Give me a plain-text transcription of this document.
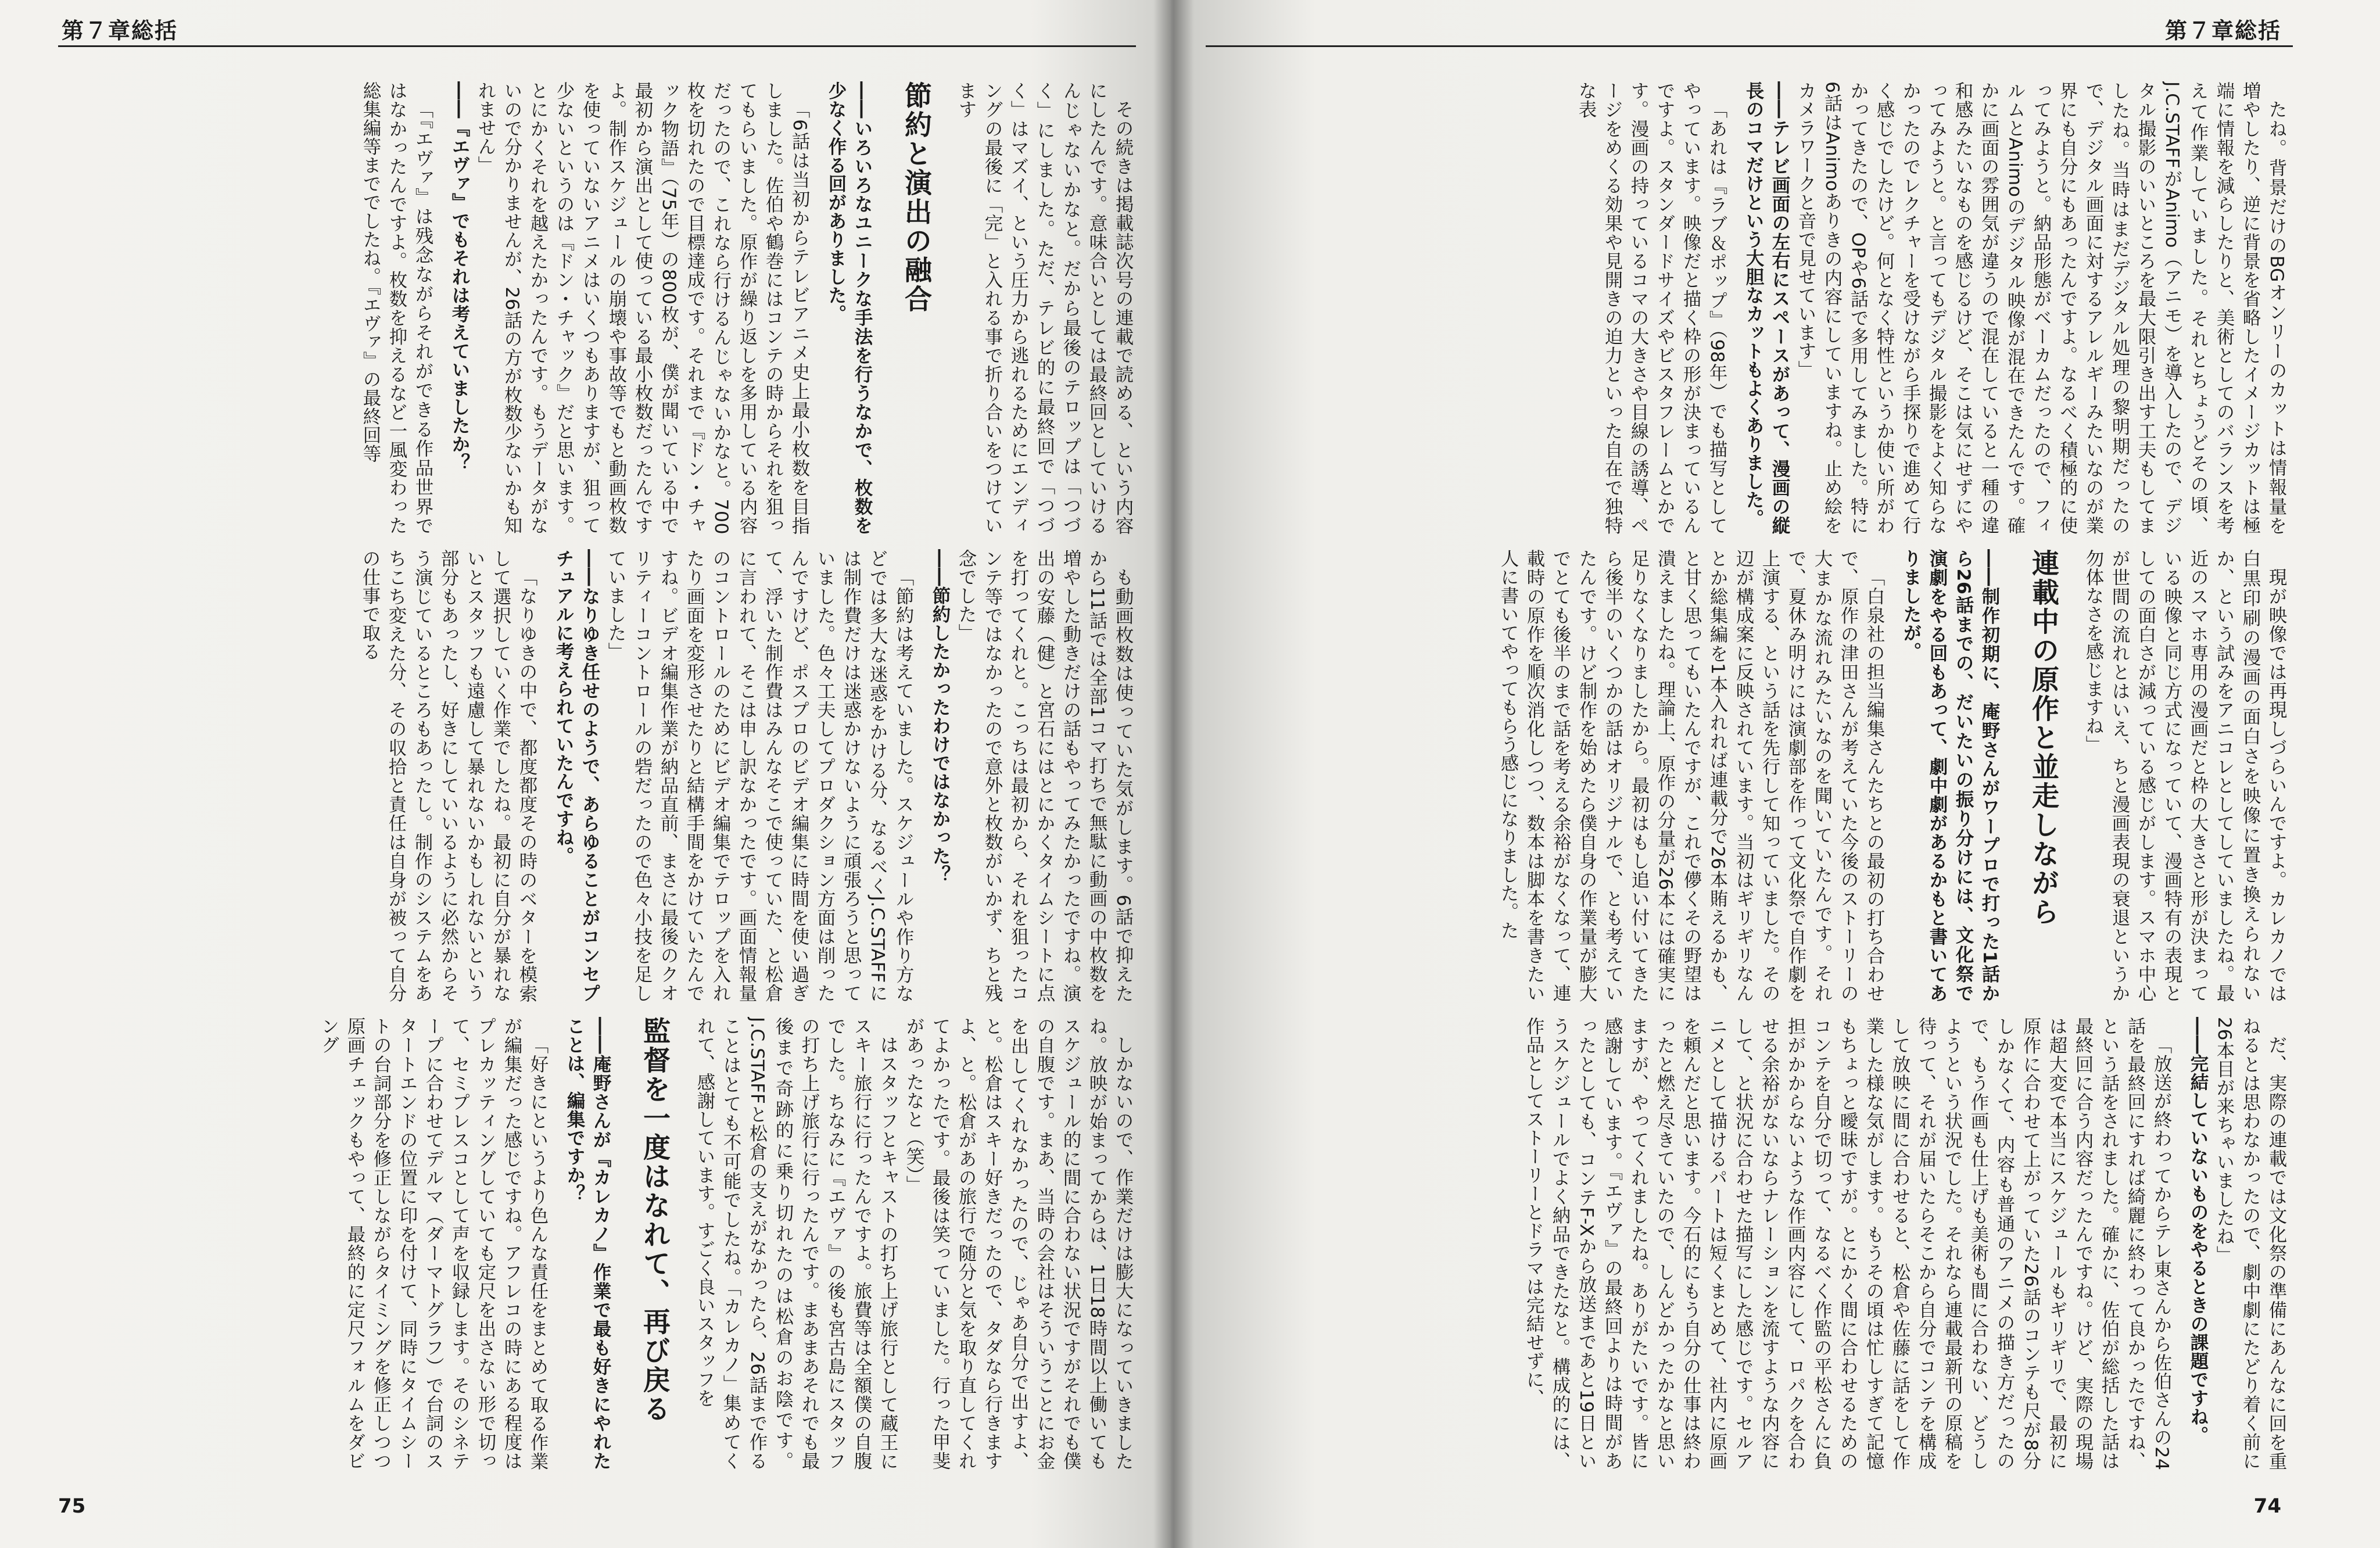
第７章総括
その続きは掲載誌次号の連載で読める、という内容にしたんです。意味合いとしては最終回としていけるんじゃないかなと。だから最後のテロップは「つづく」にしました。ただ、テレビ的に最終回で「つづく」はマズイ、という圧力から逃れるためにエンディングの最後に「完」と入れる事で折り合いをつけています
節約と演出の融合
―― いろいろなユニークな手法を行うなかで、枚数を少なく作る回がありました。
「6話は当初からテレビアニメ史上最小枚数を目指しました。佐伯や鶴巻にはコンテの時からそれを狙ってもらいました。原作が繰り返しを多用している内容だったので、これなら行けるんじゃないかなと。700枚を切れたので目標達成です。それまで『ドン・チャック物語』（75年）の800枚が、僕が聞いている中で最初から演出として使っている最小枚数だったんですよ。制作スケジュールの崩壊や事故等でもと動画枚数を使っていないアニメはいくつもありますが、狙って少ないというのは『ドン・チャック』だと思います。とにかくそれを越えたかったんです。もうデータがないので分かりませんが、26話の方が枚数少ないかも知れません」
―― 『エヴァ』でもそれは考えていましたか？
「『エヴァ』は残念ながらそれができる作品世界ではなかったんですよ。枚数を抑えるなど一風変わった総集編等まででしたね。『エヴァ』の最終回等
も動画枚数は使っていた気がします。6話で抑えたから11話では全部1コマ打ちで無駄に動画の中枚数を増やした動きだけの話もやってみたかったですね。演出の安藤（健）と宮石にはとにかくタイムシートに点を打ってくれと。こっちは最初から、それを狙ったコンテ等ではなかったので意外と枚数がいかず、ちと残念でした」
―― 節約したかったわけではなかった？
「節約は考えていました。スケジュールや作り方などでは多大な迷惑をかける分、なるべくJ.C.STAFFには制作費だけは迷惑かけないように頑張ろうと思っていました。色々工夫してプロダクション方面は削ったんですけど、ポスプロのビデオ編集に時間を使い過ぎて、浮いた制作費はみんなそこで使っていた、と松倉に言われて、そこは申し訳なかったです。画面情報量のコントロールのためにビデオ編集でテロップを入れたり画面を変形させたりと結構手間をかけていたんですね。ビデオ編集作業が納品直前、まさに最後のクオリティーコントロールの砦だったので色々小技を足していました」
―― なりゆき任せのようで、あらゆることがコンセプチュアルに考えられていたんですね。
「なりゆきの中で、都度都度その時のベターを模索して選択していく作業でしたね。最初に自分が暴れないとスタッフも遠慮して暴れないかもしれないという部分もあったし、好きにしていいるように必然からそう演じているところもあったし。制作のシステムをあちこち変えた分、その収拾と責任は自身が被って自分の仕事で取る
しかないので、作業だけは膨大になっていきましたね。放映が始まってからは、1日18時間以上働いてもスケジュール的に間に合わない状況ですがそれでも僕の自腹です。まあ、当時の会社はそういうことにお金を出してくれなかったので、じゃあ自分で出すよ、と。松倉はスキー好きだったので、タダなら行きますよ、と。松倉があの旅行で随分と気を取り直してくれてよかったです。最後は笑っていました。行った甲斐があったなと（笑）」
はスタッフとキャストの打ち上げ旅行として蔵王にスキー旅行に行ったんですよ。旅費等は全額僕の自腹でした。ちなみに『エヴァ』の後も宮古島にスタッフの打ち上げ旅行に行ったんです。まあまあそれでも最後まで奇跡的に乗り切れたのは松倉のお陰です。J.C.STAFFと松倉の支えがなかったら、26話まで作ることはとても不可能でしたね。「カレカノ」集めてくれて、感謝しています。すごく良いスタッフを
監督を一度はなれて、再び戻る
―― 庵野さんが『カレカノ』作業で最も好きにやれたことは、編集ですか？
「好きにというより色んな責任をまとめて取る作業が編集だった感じですね。アフレコの時にある程度はプレカッティングしていても定尺を出さない形で切って、セミプレスコとして声を収録します。そのシネテープに合わせてデルマ（ダーマトグラフ）で台詞のスタートエンドの位置に印を付けて、同時にタイムシートの台詞部分を修正しながらタイミングを修正しつつ原画チェックもやって、最終的に定尺フォルムをダビング
75
第７章総括
たね。背景だけのBGオンリーのカットは情報量を増やしたり、逆に背景を省略したイメージカットは極端に情報を減らしたりと、美術としてのバランスを考えて作業していました。それとちょうどその頃、J.C.STAFFがAnimo（アニモ）を導入したので、デジタル撮影のいいところを最大限引き出す工夫もしてましたね。当時はまだデジタル処理の黎明期だったので、デジタル画面に対するアレルギーみたいなのが業界にも自分にもあったんですよ。なるべく積極的に使ってみようと。納品形態がベーカムだったので、フィルムとAnimoのデジタル映像が混在できたんです。確かに画面の雰囲気が違うので混在していると一種の違和感みたいなものを感じるけど、そこは気にせずにやってみようと。と言ってもデジタル撮影をよく知らなかったのでレクチャーを受けながら手探りで進めて行く感じでしたけど。何となく特性というか使い所がわかってきたので、OPや6話で多用してみました。特に6話はAnimoありきの内容にしていますね。止め絵をカメラワークと音で見せています」
―― テレビ画面の左右にスペースがあって、漫画の縦長のコマだけという大胆なカットもよくありました。
「あれは『ラブ＆ポップ』（98年）でも描写としてやっています。映像だと描く枠の形が決まっているんですよ。スタンダードサイズやビスタフレームとかです。漫画の持っているコマの大きさや目線の誘導、ページをめくる効果や見開きの迫力といった自在で独特な表
現が映像では再現しづらいんですよ。カレカノでは白黒印刷の漫画の面白さを映像に置き換えられないか、という試みをアニコレとしてしていましたね。最近のスマホ専用の漫画だと枠の大きさと形が決まっている映像と同じ方式になっていて、漫画特有の表現としての面白さが減っている感じがします。スマホ中心が世間の流れとはいえ、ちと漫画表現の衰退というか勿体なさを感じますね」
連載中の原作と並走しながら
―― 制作初期に、庵野さんがワープロで打った1話から26話までの、だいたいの振り分けには、文化祭で演劇をやる回もあって、劇中劇があるかもと書いてありましたが。
「白泉社の担当編集さんたちとの最初の打ち合わせで、原作の津田さんが考えていた今後のストーリーの大まかな流れみたいなのを聞いていたんです。それで、夏休み明けには演劇部を作って文化祭で自作劇を上演する、という話を先行して知っていました。その辺が構成案に反映されています。当初はギリギリなんとか総集編を1本入れれば連載分で26本賄えるかも、と甘く思ってもいたんですが、これで儚くその野望は潰えましたね。理論上、原作の分量が26本には確実に足りなくなりましたから。最初はもし追い付いてきたら後半のいくつかの話はオリジナルで、とも考えていたんです。けど制作を始めたら僕自身の作業量が膨大でとても後半のまで話を考える余裕がなくなって、連載時の原作を順次消化しつつ、数本は脚本を書きたい人に書いてやってもらう感じになりました。た
だ、実際の連載では文化祭の準備にあんなに回を重ねるとは思わなかったので、劇中劇にたどり着く前に26本目が来ちゃいましたね」
―― 完結していないものをやるときの課題ですね。
「放送が終わってからテレ東さんから佐伯さんの24話を最終回にすれば綺麗に終わって良かったですね、という話をされました。確かに、佐伯が総括した話は最終回に合う内容だったんですね。けど、実際の現場は超大変で本当にスケジュールもギリギリで、最初に原作に合わせて上がっていた26話のコンテも尺が8分しかなくて、内容も普通のアニメの描き方だったので、もう作画も仕上げも美術も間に合わない、どうしようという状況でした。それなら連載最新刊の原稿を待って、それが届いたらそこから自分でコンテを構成して放映に間に合わせると、松倉や佐藤に話をして作業した様な気がします。もうその頃は忙しすぎて記憶もちょっと曖昧ですが。とにかく間に合わせるためのコンテを自分で切って、なるべく作監の平松さんに負担がかからないような作画内容にして、ロパクを合わせる余裕がないならナレーションを流すような内容にして、と状況に合わせた描写にした感じです。セルアニメとして描けるパートは短くまとめて、社内に原画を頼んだと思います。今石的にもう自分の仕事は終わったと燃え尽きていたので、しんどかったかなと思いますが、やってくれましたね。ありがたいです。皆に感謝しています。『エヴァ』の最終回よりは時間があったとしても、コンテF-Xから放送まであと19日というスケジュールでよく納品できたなと。構成的には、作品としてストーリーとドラマは完結せずに、
74
